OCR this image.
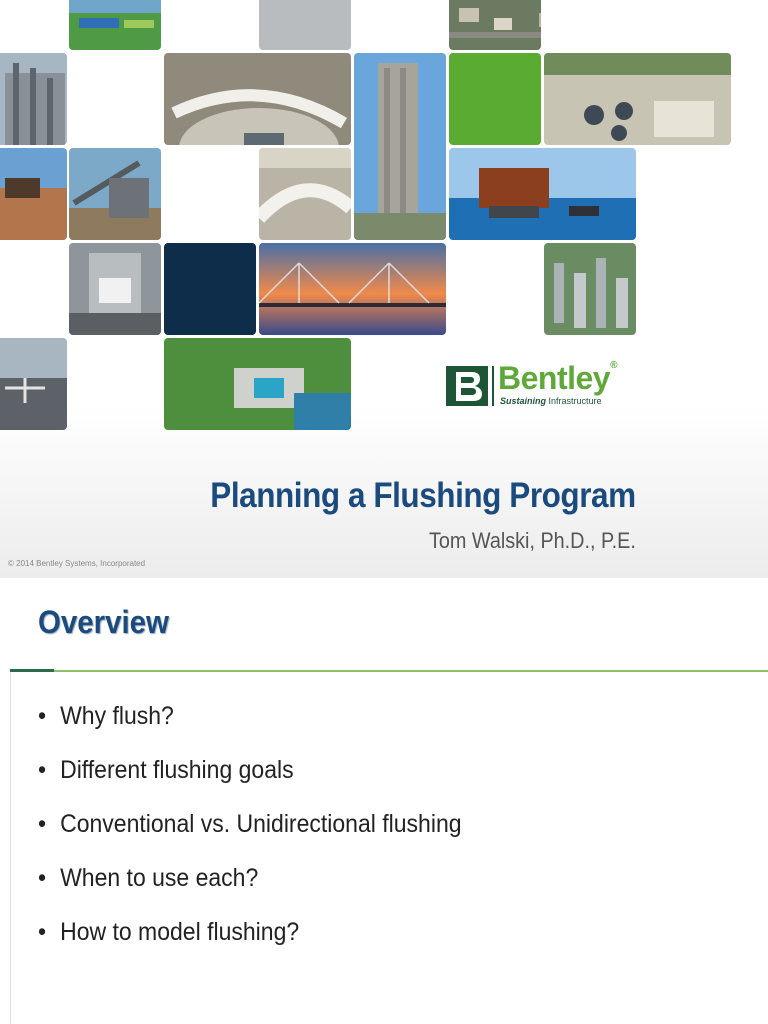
Bentley®
Sustaining Infrastructure
Planning a Flushing Program
Tom Walski, Ph.D., P.E.
© 2014 Bentley Systems, Incorporated
Overview
• Why flush?
• Different flushing goals
• Conventional vs. Unidirectional flushing
• When to use each?
• How to model flushing?
